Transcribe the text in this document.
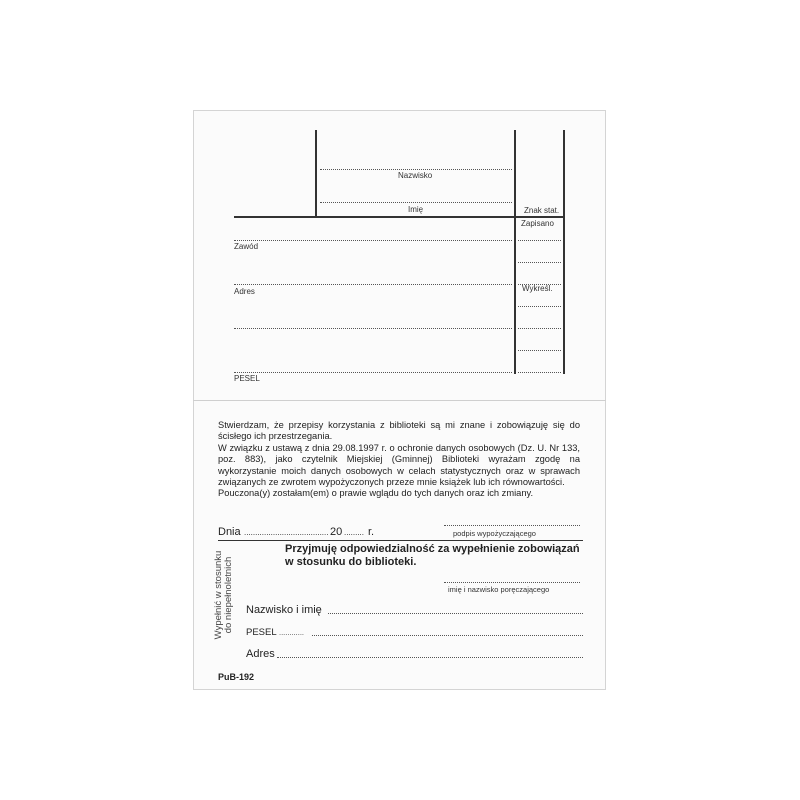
Nazwisko
Imię	Znak stat.
Zapisano
Zawód
Adres
PESEL
Wykreśl.

Stwierdzam, że przepisy korzystania z biblioteki są mi znane i zobowiązuję się do ścisłego ich przestrzegania.

W związku z ustawą z dnia 29.08.1997 r. o ochronie danych osobowych (Dz. U. Nr 133, poz. 883), jako czytelnik Miejskiej (Gminnej) Biblioteki wyrażam zgodę na wykorzystanie moich danych osobowych w celach statystycznych oraz w sprawach związanych ze zwrotem wypożyczonych przeze mnie książek lub ich równowartości.

Pouczona(y) zostałam(em) o prawie wglądu do tych danych oraz ich zmiany.

Dnia ...................................... 20 ......... r.	podpis wypożyczającego
Przyjmuję odpowiedzialność za wypełnienie zobowiązań w stosunku do biblioteki.
imię i nazwisko poręczającego
Wypełnić w stosunku do niepełnoletnich Nazwisko i imię
PESEL ............
Adres
PuB-192
